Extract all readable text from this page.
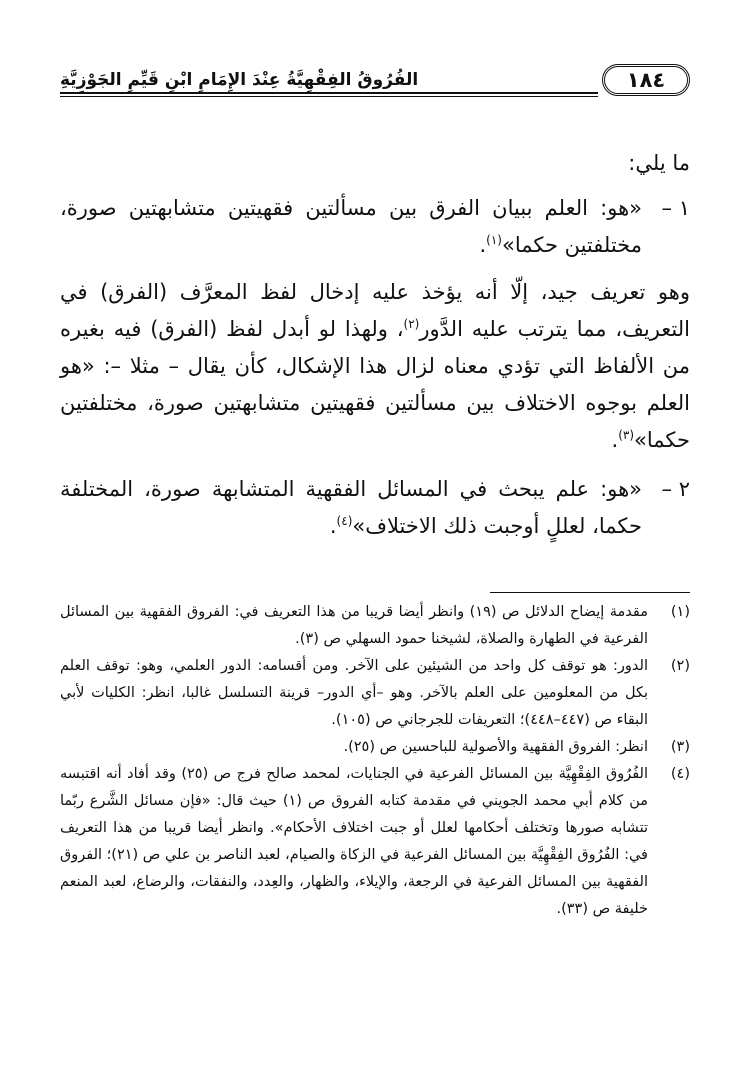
١٨٤
الفُرُوقُ الفِقْهِيَّةُ عِنْدَ الإِمَامِ ابْنِ قَيِّمِ الجَوْزِيَّةِ

ما يلي:

١ –

«هو: العلم ببيان الفرق بين مسألتين فقهيتين متشابهتين صورة، مختلفتين حكما»$^{(١)}$.

وهو تعريف جيد، إلّا أنه يؤخذ عليه إدخال لفظ المعرَّف (الفرق) في التعريف، مما يترتب عليه الدَّور$^{(٢)}$، ولهذا لو أبدل لفظ (الفرق) فيه بغيره من الألفاظ التي تؤدي معناه لزال هذا الإشكال، كأن يقال – مثلا –: «هو العلم بوجوه الاختلاف بين مسألتين فقهيتين متشابهتين صورة، مختلفتين حكما»$^{(٣)}$.

٢ –

«هو: علم يبحث في المسائل الفقهية المتشابهة صورة، المختلفة حكما، لعللٍ أوجبت ذلك الاختلاف»$^{(٤)}$.

(١)

مقدمة إيضاح الدلائل ص (١٩) وانظر أيضا قريبا من هذا التعريف في: الفروق الفقهية بين المسائل الفرعية في الطهارة والصلاة، لشيخنا حمود السهلي ص (٣).

(٢)

الدور: هو توقف كل واحد من الشيئين على الآخر. ومن أقسامه: الدور العلمي، وهو: توقف العلم بكل من المعلومين على العلم بالآخر. وهو –أي الدور– قرينة التسلسل غالبا، انظر: الكليات لأبي البقاء ص (٤٤٧–٤٤٨)؛ التعريفات للجرجاني ص (١٠٥).

(٣)

انظر: الفروق الفقهية والأصولية للباحسين ص (٢٥).

(٤)

الفُرُوق الفِقْهِيَّة بين المسائل الفرعية في الجنايات، لمحمد صالح فرج ص (٢٥) وقد أفاد أنه اقتبسه من كلام أبي محمد الجويني في مقدمة كتابه الفروق ص (١) حيث قال: «فإن مسائل الشَّرع ربّما تتشابه صورها وتختلف أحكامها لعلل أو جبت اختلاف الأحكام». وانظر أيضا قريبا من هذا التعريف في: الفُرُوق الفِقْهِيَّة بين المسائل الفرعية في الزكاة والصيام، لعبد الناصر بن علي ص (٢١)؛ الفروق الفقهية بين المسائل الفرعية في الرجعة، والإيلاء، والظهار، والعِدد، والنفقات، والرضاع، لعبد المنعم خليفة ص (٣٣).
